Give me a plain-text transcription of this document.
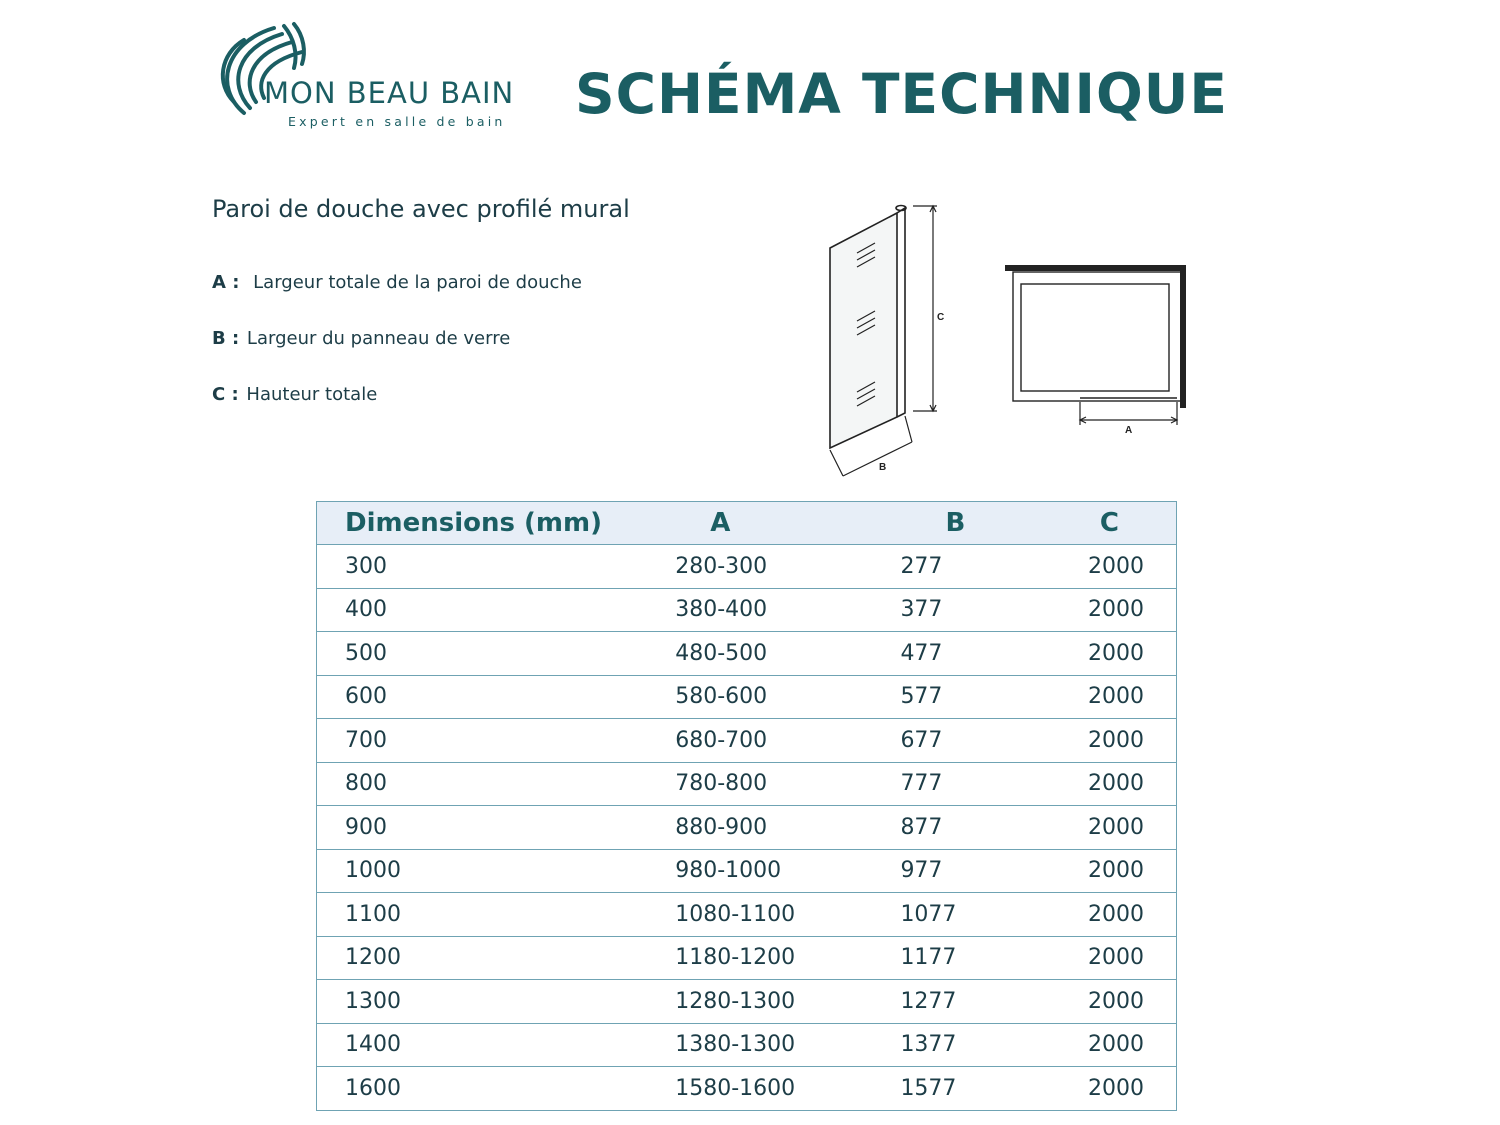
MON BEAU BAIN
Expert en salle de bain SCHÉMA TECHNIQUE
Paroi de douche avec profilé mural
A : Largeur totale de la paroi de douche
B : Largeur du panneau de verre
C : Hauteur totale
C
B
A
Dimensions (mm)	A	B	C
300	280-300	277	2000
400	380-400	377	2000
500	480-500	477	2000
600	580-600	577	2000
700	680-700	677	2000
800	780-800	777	2000
900	880-900	877	2000
1000	980-1000	977	2000
1100	1080-1100	1077	2000
1200	1180-1200	1177	2000
1300	1280-1300	1277	2000
1400	1380-1300	1377	2000
1600	1580-1600	1577	2000
